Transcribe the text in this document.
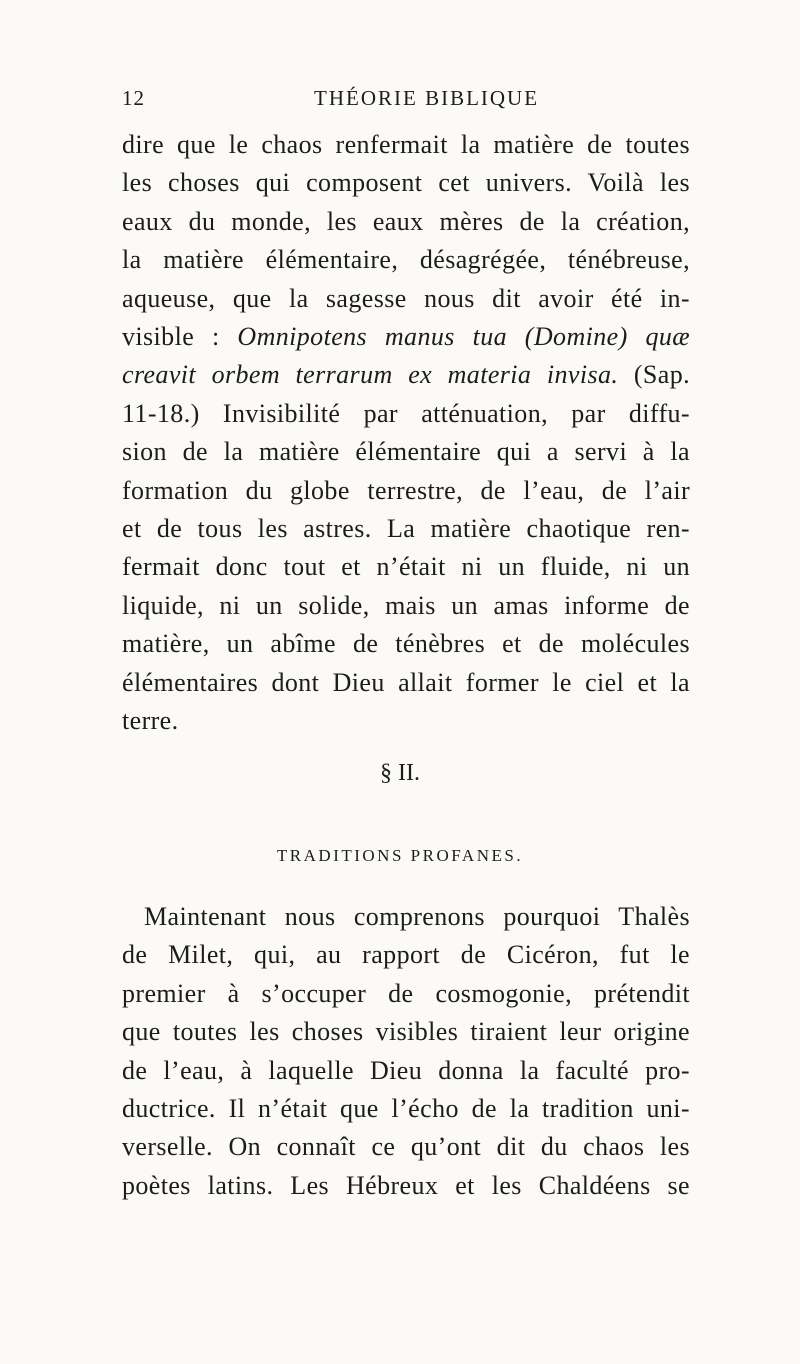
12	THÉORIE BIBLIQUE
dire que le chaos renfermait la matière de toutes
les choses qui composent cet univers. Voilà les
eaux du monde, les eaux mères de la création,
la matière élémentaire, désagrégée, ténébreuse,
aqueuse, que la sagesse nous dit avoir été in-
visible : Omnipotens manus tua (Domine) quæ
creavit orbem terrarum ex materia invisa. (Sap.
11-18.) Invisibilité par atténuation, par diffu-
sion de la matière élémentaire qui a servi à la
formation du globe terrestre, de l’eau, de l’air
et de tous les astres. La matière chaotique ren-
fermait donc tout et n’était ni un fluide, ni un
liquide, ni un solide, mais un amas informe de
matière, un abîme de ténèbres et de molécules
élémentaires dont Dieu allait former le ciel et la
terre.
§ II.
TRADITIONS PROFANES.
Maintenant nous comprenons pourquoi Thalès
de Milet, qui, au rapport de Cicéron, fut le
premier à s’occuper de cosmogonie, prétendit
que toutes les choses visibles tiraient leur origine
de l’eau, à laquelle Dieu donna la faculté pro-
ductrice. Il n’était que l’écho de la tradition uni-
verselle. On connaît ce qu’ont dit du chaos les
poètes latins. Les Hébreux et les Chaldéens se
